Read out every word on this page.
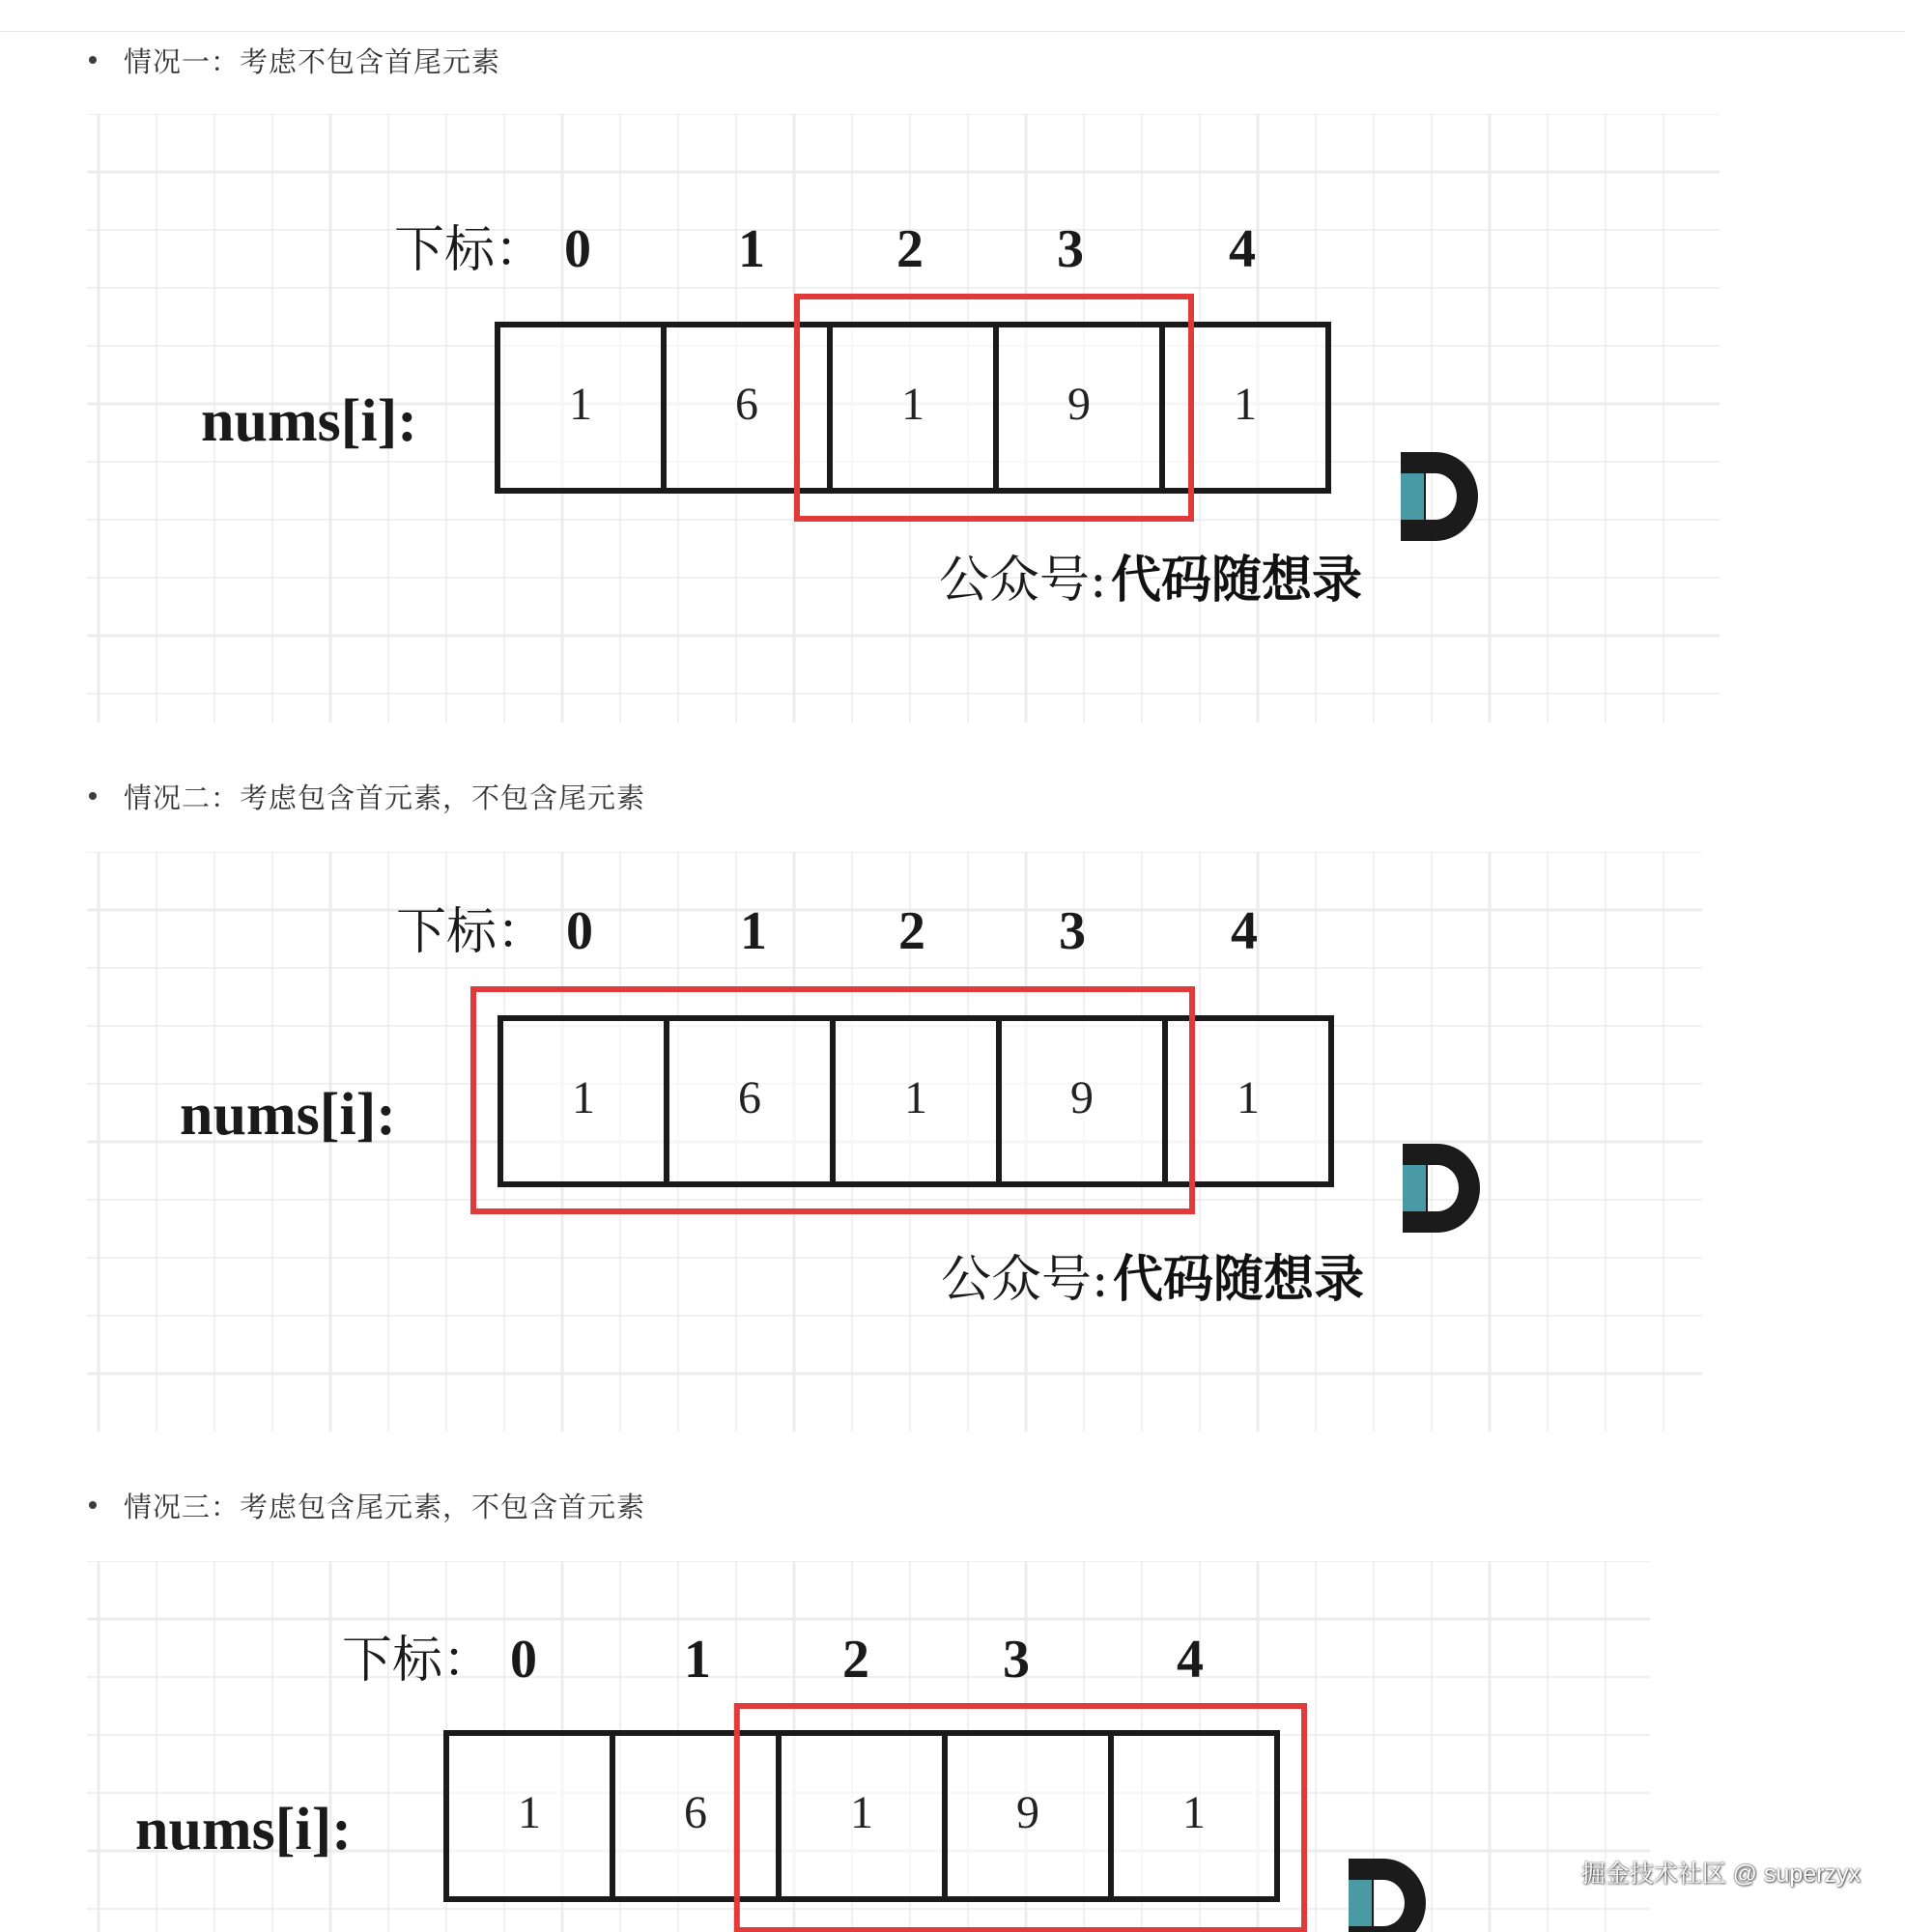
情况一：考虑不包含首尾元素
下标： 0	1 2 3	4
nums[i]:	1	6	1	9	1
公众号: 代码随想录
情况二：考虑包含首元素，不包含尾元素
下标： 0	1 2 3	4
nums[i]:	1	6	1	9	1
公众号: 代码随想录
情况三：考虑包含尾元素，不包含首元素
下标： 0	1 2 3	4
nums[i]:	1	6	1	9	1
掘金技术社区 @ superzyx
